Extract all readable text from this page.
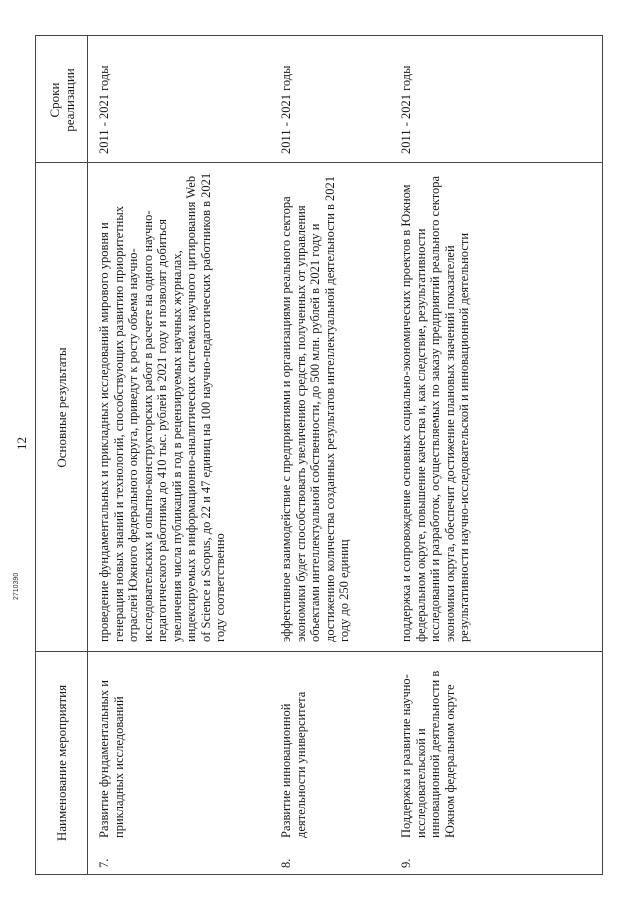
12
Наименование мероприятия
Основные результаты
Сроки реализации
7.
Развитие фундаментальных и прикладных исследований
проведение фундаментальных и прикладных исследований мирового уровня и генерация новых знаний и технологий, способствующих развитию приоритетных отраслей Южного федерального округа, приведут к росту объема научно-исследовательских и опытно-конструкторских работ в расчете на одного научно-педагогического работника до 410 тыс. рублей в 2021 году и позволят добиться увеличения числа публикаций в год в рецензируемых научных журналах, индексируемых в информационно-аналитических системах научного цитирования Web of Science и Scopus, до 22 и 47 единиц на 100 научно-педагогических работников в 2021 году соответственно
2011 - 2021 годы
8.
Развитие инновационной деятельности университета
эффективное взаимодействие с предприятиями и организациями реального сектора экономики будет способствовать увеличению средств, полученных от управления объектами интеллектуальной собственности, до 500 млн. рублей в 2021 году и достижению количества созданных результатов интеллектуальной деятельности в 2021 году до 250 единиц
2011 - 2021 годы
9.
Поддержка и развитие научно-исследовательской и инновационной деятельности в Южном федеральном округе
поддержка и сопровождение основных социально-экономических проектов в Южном федеральном округе, повышение качества и, как следствие, результативности исследований и разработок, осуществляемых по заказу предприятий реального сектора экономики округа, обеспечит достижение плановых значений показателей результативности научно-исследовательской и инновационной деятельности
2011 - 2021 годы
2710390
